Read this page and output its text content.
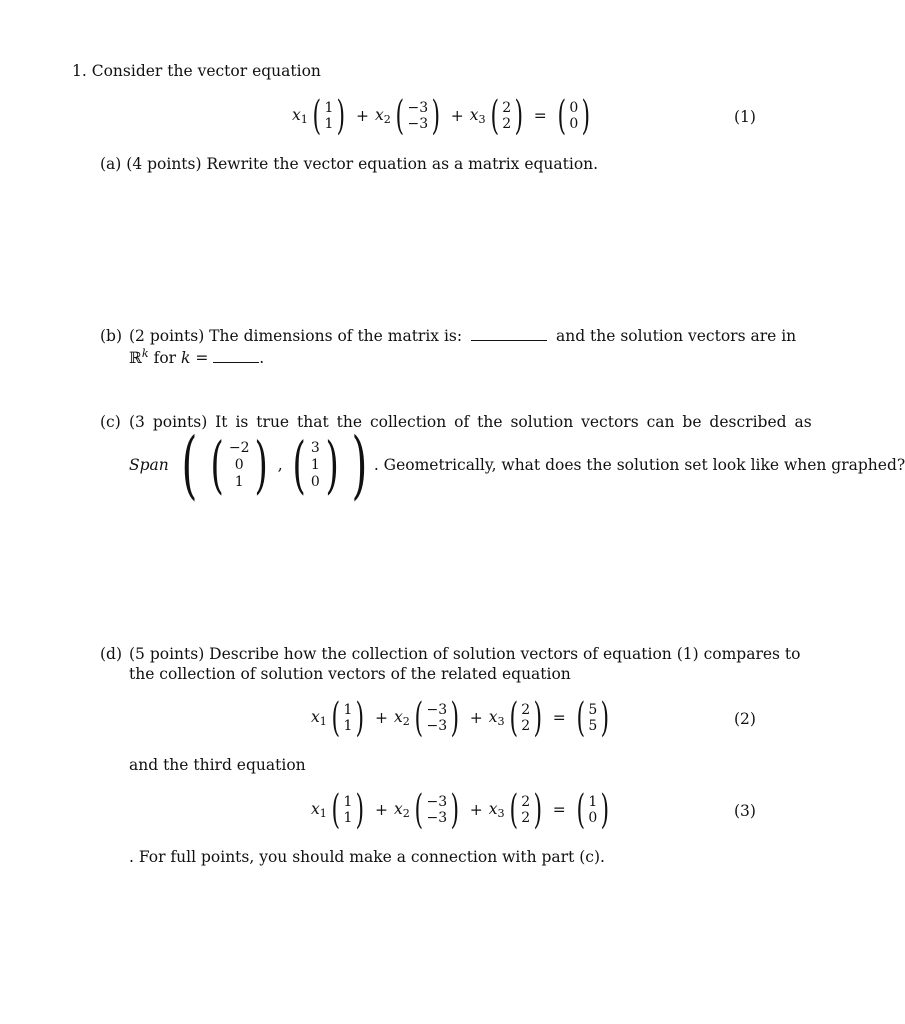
1. Consider the vector equation
$x_1$ ( 1
1 ) + $x_2$ ( −3
−3 ) + $x_3$ ( 2
2 ) = ( 0
0 )	(1)
(a) (4 points) Rewrite the vector equation as a matrix equation.
(b) (2 points) The dimensions of the matrix is:	and the solution vectors are in
ℝ$^k$ for k =	.
(c) (3 points) It is true that the collection of the solution vectors can be described as
Span ( ( −2
0
1 ) , ( 3
1
0 ) ) . Geometrically, what does the solution set look like when graphed?
(d) (5 points) Describe how the collection of solution vectors of equation (1) compares to
the collection of solution vectors of the related equation
$x_1$ ( 1
1 ) + $x_2$ ( −3
−3 ) + $x_3$ ( 2
2 ) = ( 5
5 )	(2)
and the third equation
$x_1$ ( 1
1 ) + $x_2$ ( −3
−3 ) + $x_3$ ( 2
2 ) = ( 1
0 )	(3)
. For full points, you should make a connection with part (c).
